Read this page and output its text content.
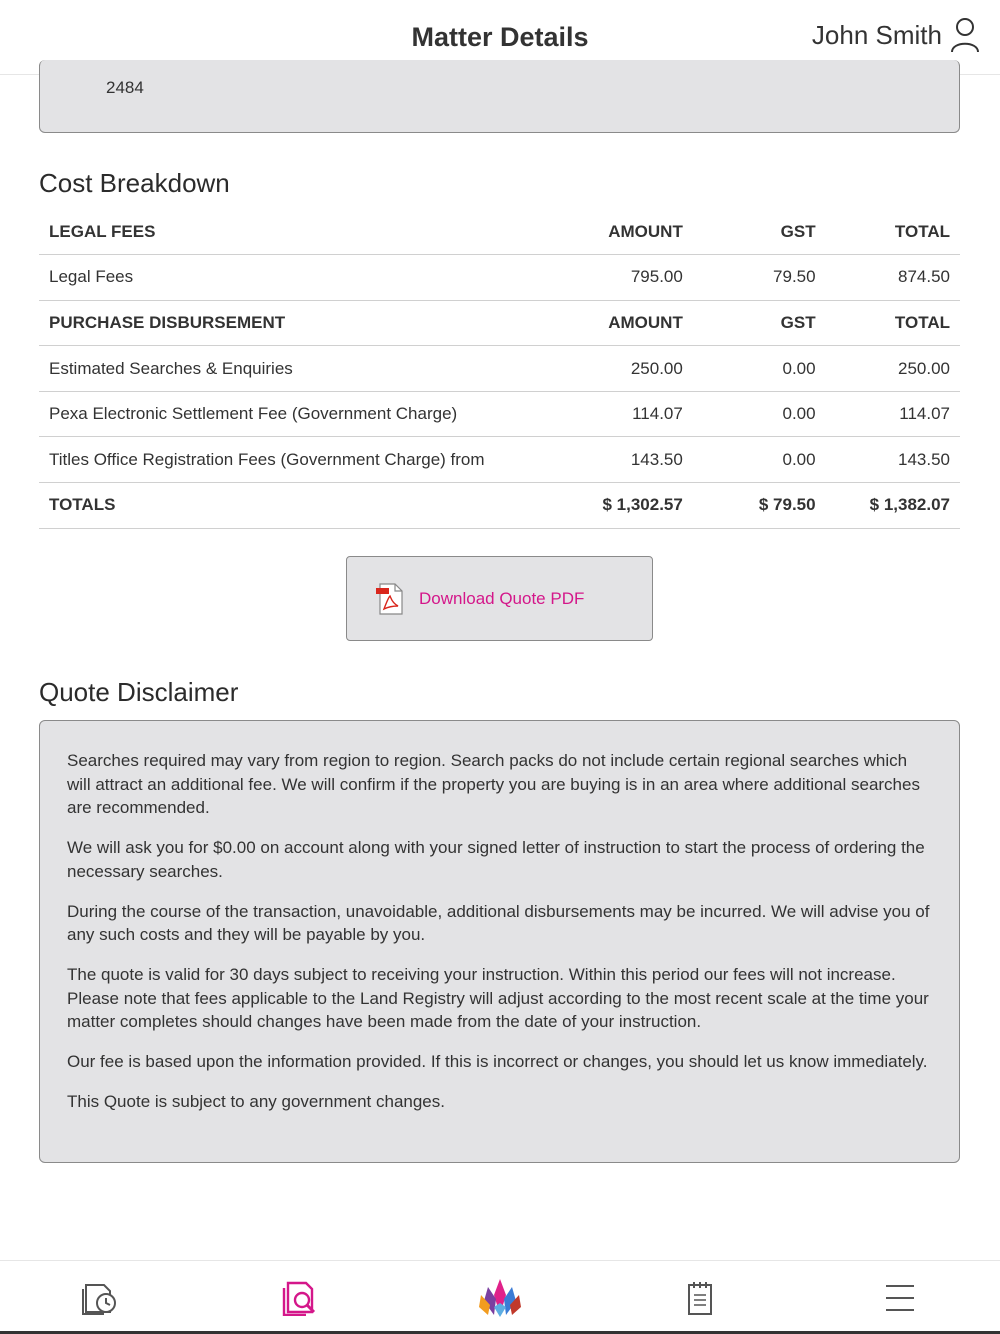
Matter Details	John Smith
2484
Cost Breakdown
LEGAL FEES	AMOUNT	GST	TOTAL
Legal Fees	795.00	79.50	874.50
PURCHASE DISBURSEMENT	AMOUNT	GST	TOTAL
Estimated Searches & Enquiries	250.00	0.00	250.00
Pexa Electronic Settlement Fee (Government Charge)	114.07	0.00	114.07
Titles Office Registration Fees (Government Charge) from	143.50	0.00	143.50
TOTALS	$ 1,302.57	$ 79.50	$ 1,382.07
Download Quote PDF
Quote Disclaimer

Searches required may vary from region to region. Search packs do not include certain regional searches which will attract an additional fee. We will confirm if the property you are buying is in an area where additional searches are recommended.

We will ask you for $0.00 on account along with your signed letter of instruction to start the process of ordering the necessary searches.

During the course of the transaction, unavoidable, additional disbursements may be incurred. We will advise you of any such costs and they will be payable by you.

The quote is valid for 30 days subject to receiving your instruction. Within this period our fees will not increase. Please note that fees applicable to the Land Registry will adjust according to the most recent scale at the time your matter completes should changes have been made from the date of your instruction.

Our fee is based upon the information provided. If this is incorrect or changes, you should let us know immediately.

This Quote is subject to any government changes.
